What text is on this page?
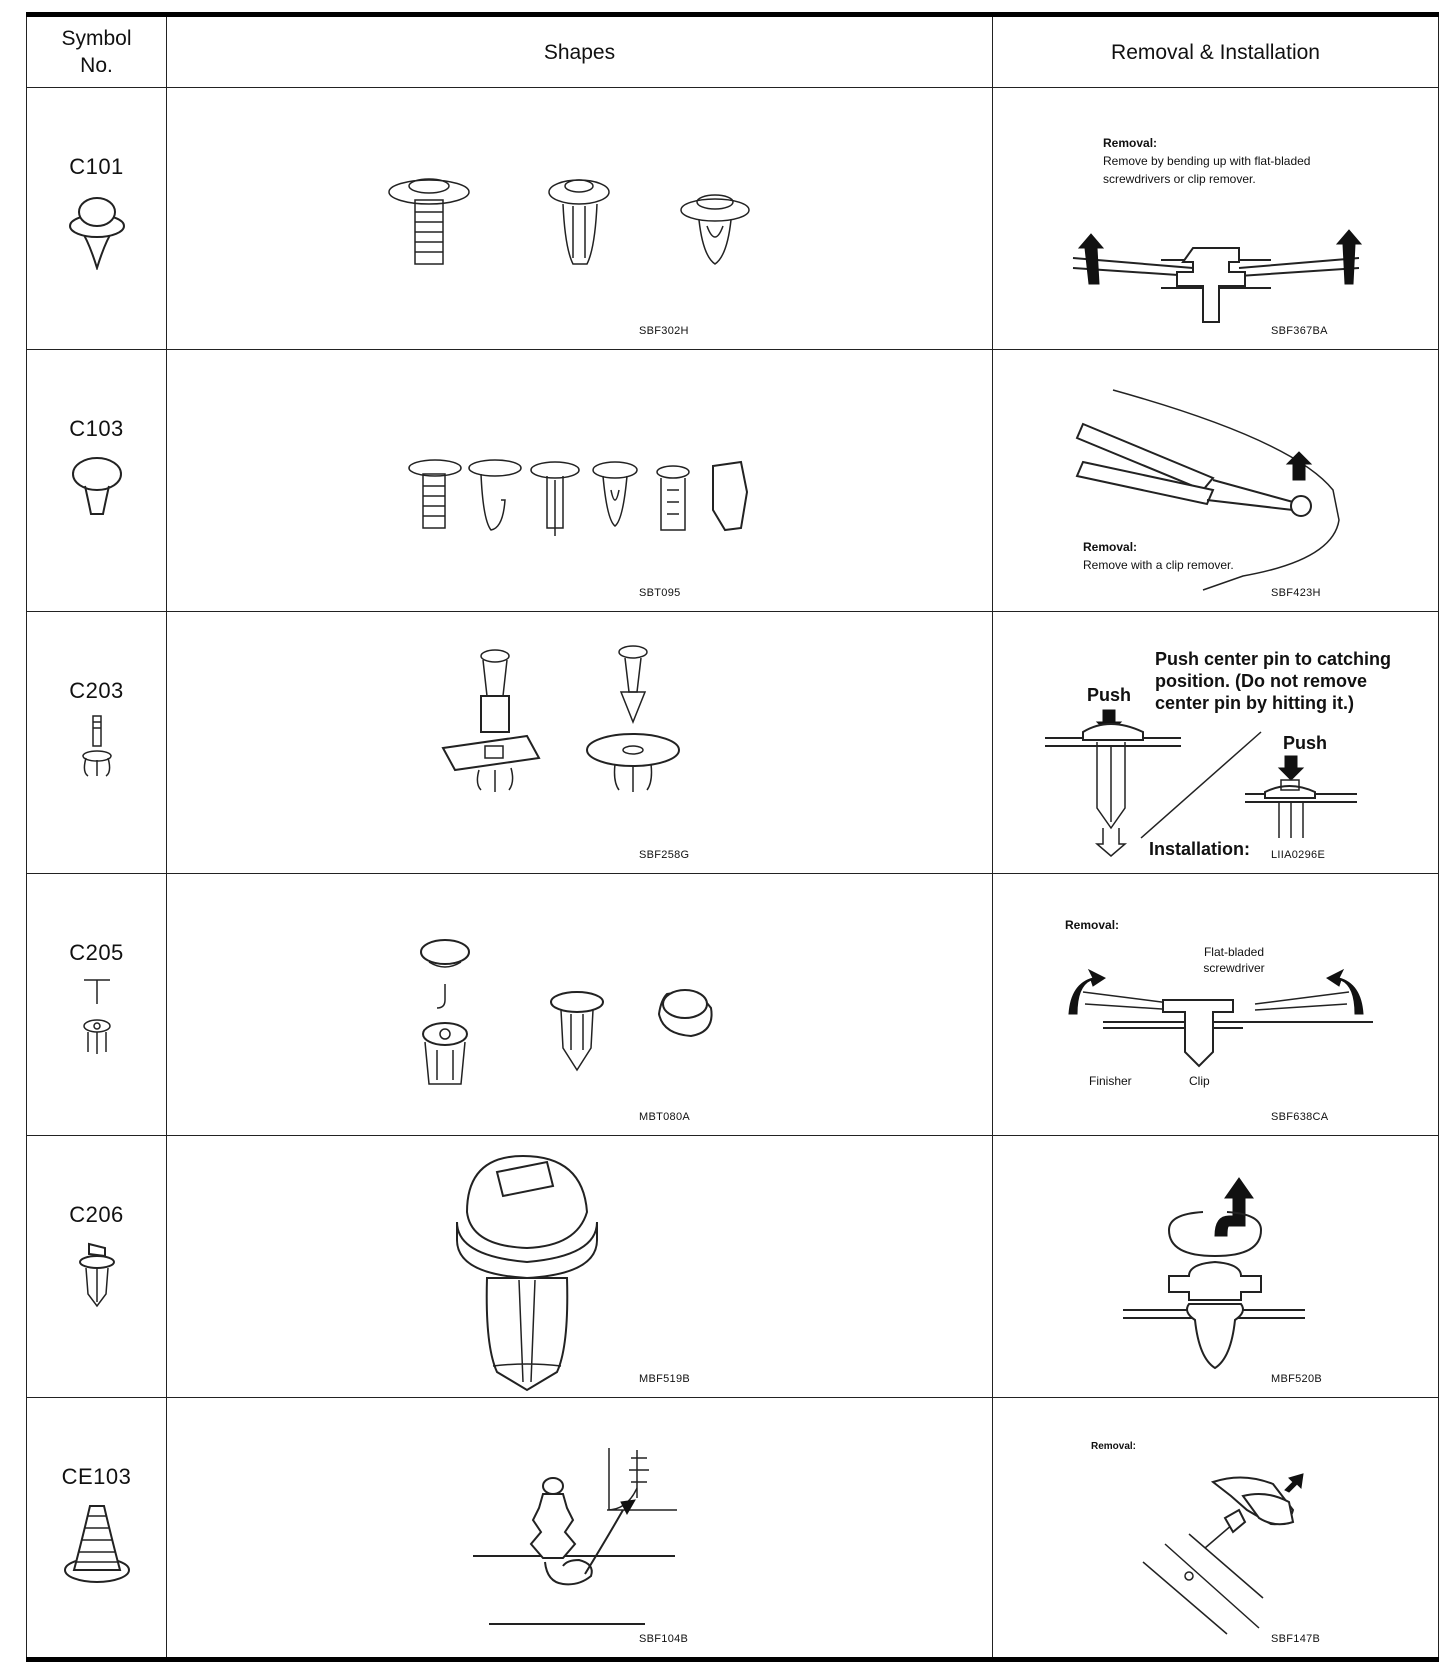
Symbol
No.	Shapes	Removal & Installation

C101	SBF302H	Removal:
Remove by bending up with flat-bladed screwdrivers or clip remover.
SBF367BA

C103	SBT095	Removal:
Remove with a clip remover.
SBF423H

C203	SBF258G	Push center pin to catching position. (Do not remove center pin by hitting it.)
Push
Push
Installation: LIIA0296E

C205	MBT080A	Removal:
Flat-bladed screwdriver
Finisher Clip
SBF638CA

C206	MBF519B	MBF520B

CE103	SBF104B	Removal:
SBF147B
